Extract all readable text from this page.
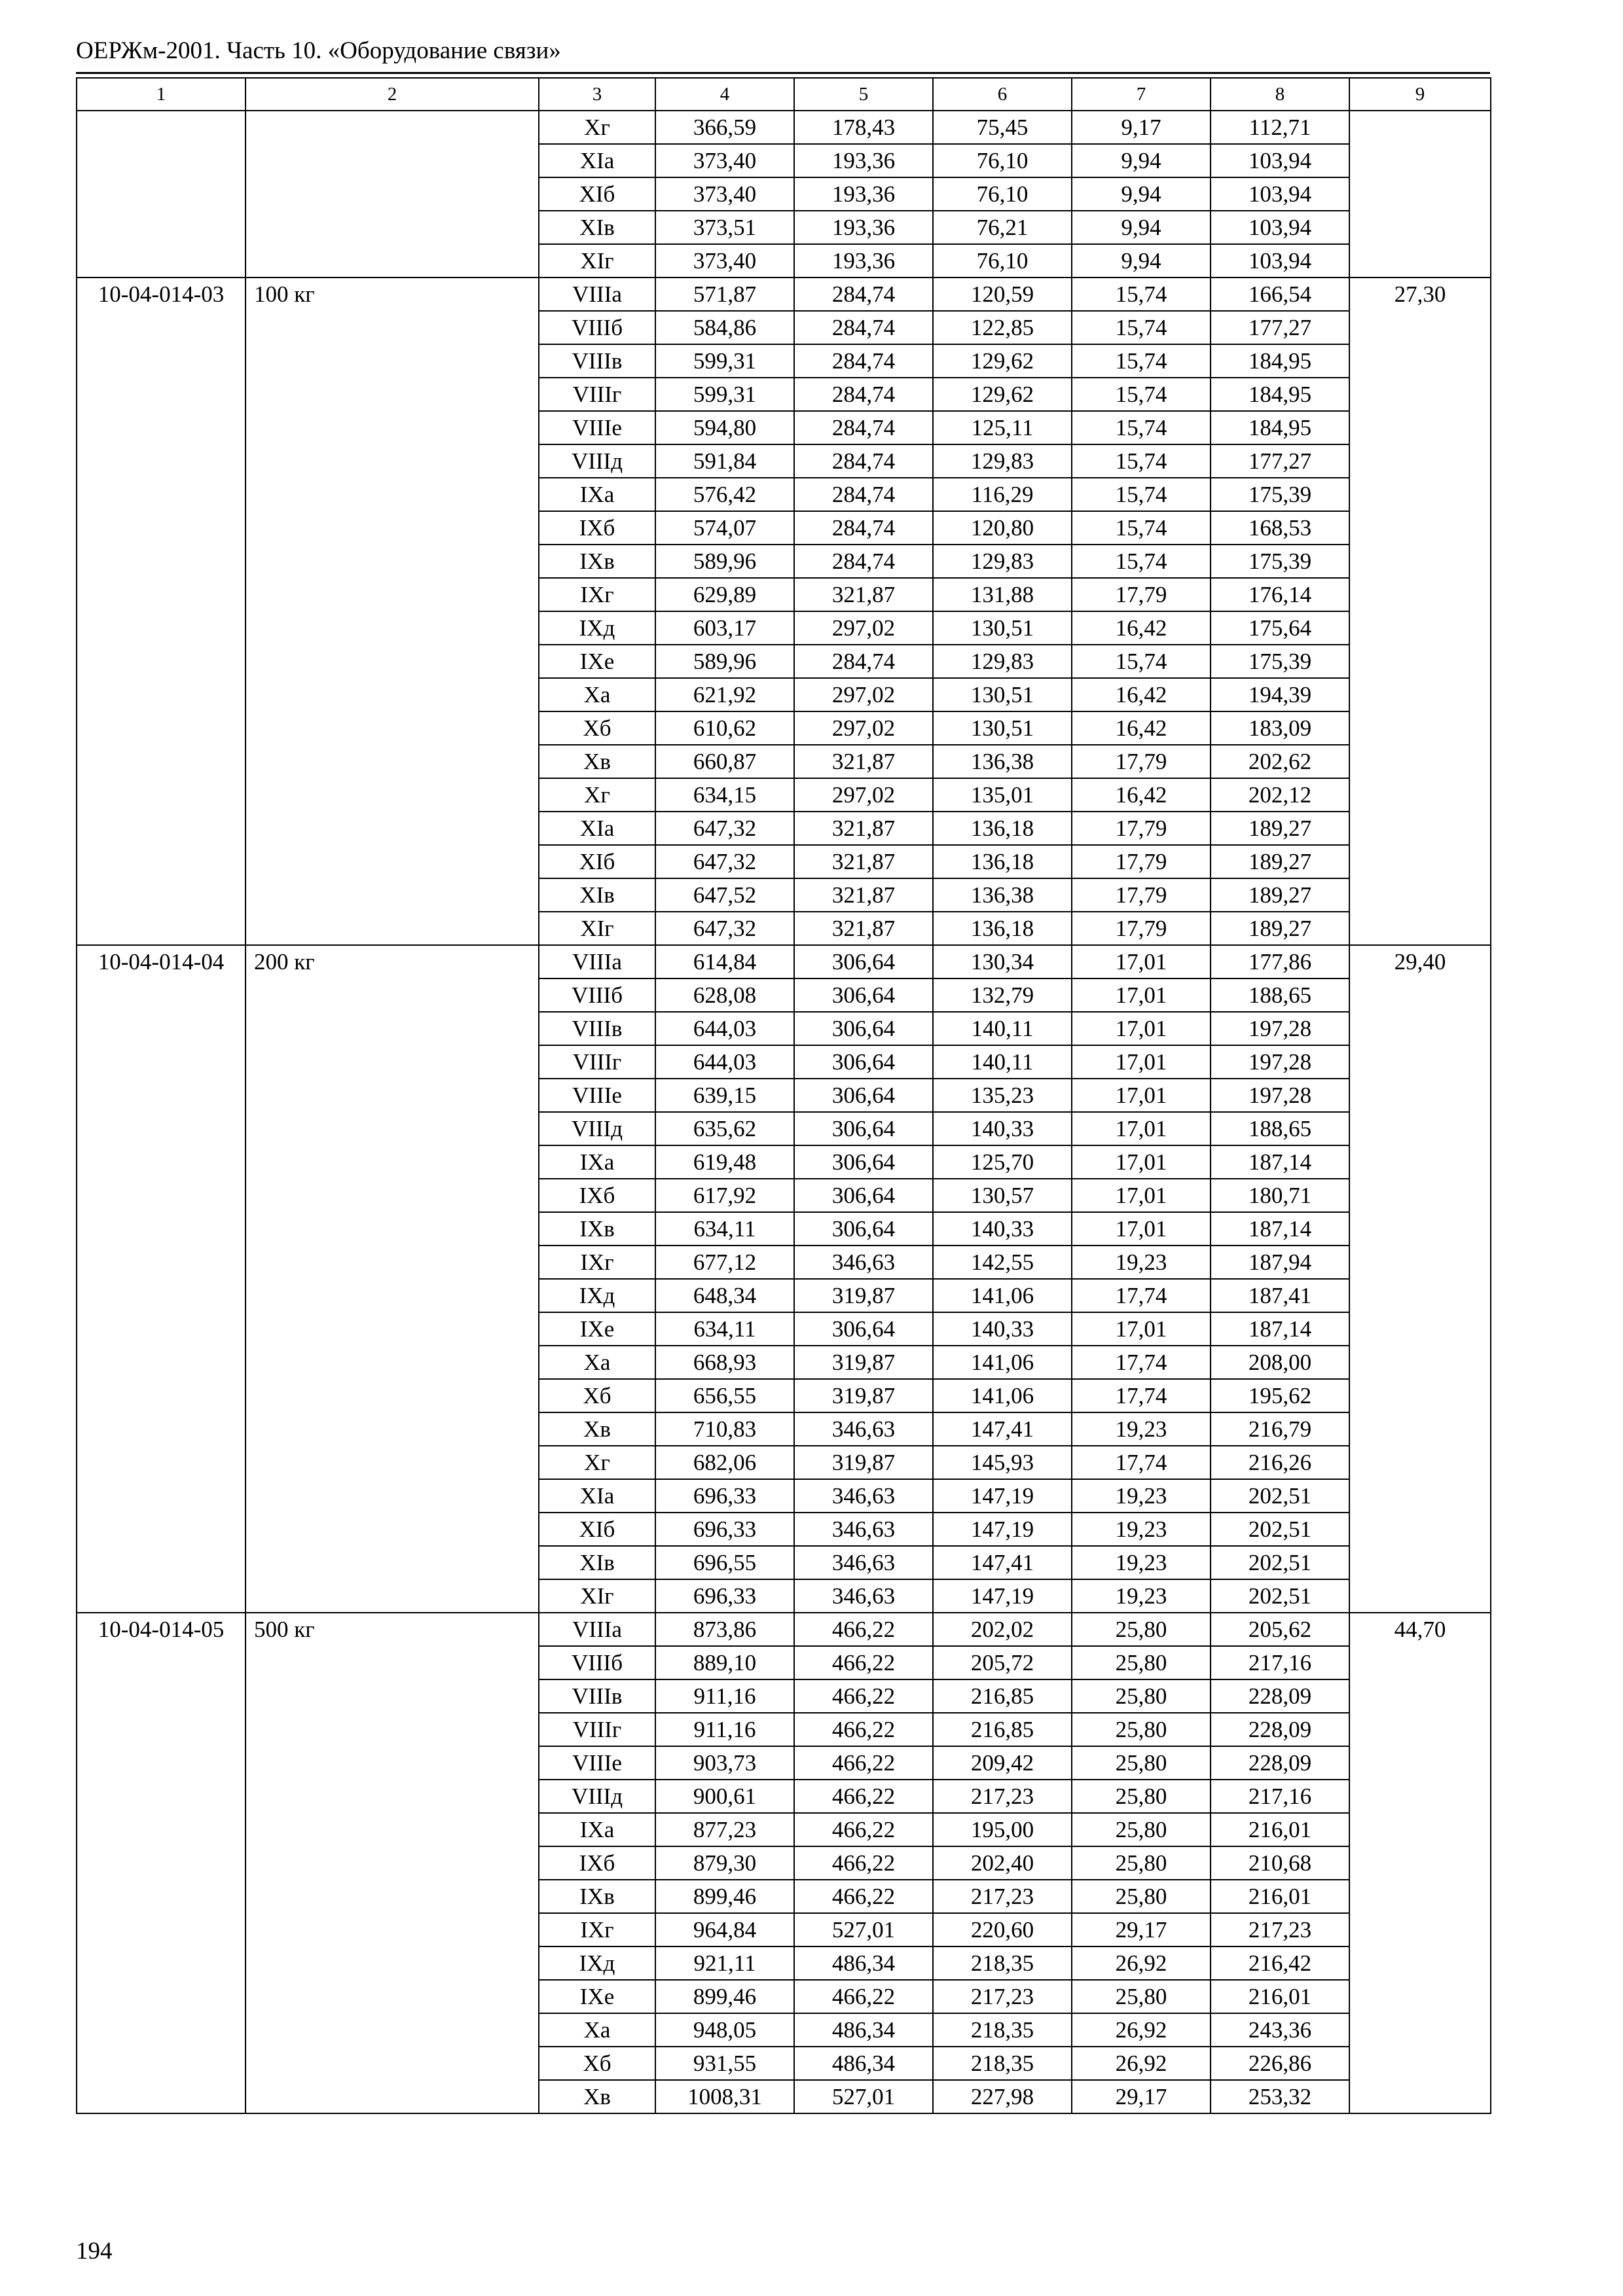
ОЕРЖм-2001. Часть 10. «Оборудование связи»
1	2	3	4	5	6	7	8	9
		Xг	366,59	178,43	75,45	9,17	112,71	
		XIa	373,40	193,36	76,10	9,94	103,94	
		XIб	373,40	193,36	76,10	9,94	103,94	
		XIв	373,51	193,36	76,21	9,94	103,94	
		XIг	373,40	193,36	76,10	9,94	103,94	
10-04-014-03	100 кг	VIIIa	571,87	284,74	120,59	15,74	166,54	27,30
		VIIIб	584,86	284,74	122,85	15,74	177,27	
		VIIIв	599,31	284,74	129,62	15,74	184,95	
		VIIIг	599,31	284,74	129,62	15,74	184,95	
		VIIIe	594,80	284,74	125,11	15,74	184,95	
		VIIIд	591,84	284,74	129,83	15,74	177,27	
		IXa	576,42	284,74	116,29	15,74	175,39	
		IXб	574,07	284,74	120,80	15,74	168,53	
		IXв	589,96	284,74	129,83	15,74	175,39	
		IXг	629,89	321,87	131,88	17,79	176,14	
		IXд	603,17	297,02	130,51	16,42	175,64	
		IXe	589,96	284,74	129,83	15,74	175,39	
		Xa	621,92	297,02	130,51	16,42	194,39	
		Xб	610,62	297,02	130,51	16,42	183,09	
		Xв	660,87	321,87	136,38	17,79	202,62	
		Xг	634,15	297,02	135,01	16,42	202,12	
		XIa	647,32	321,87	136,18	17,79	189,27	
		XIб	647,32	321,87	136,18	17,79	189,27	
		XIв	647,52	321,87	136,38	17,79	189,27	
		XIг	647,32	321,87	136,18	17,79	189,27	
10-04-014-04	200 кг	VIIIa	614,84	306,64	130,34	17,01	177,86	29,40
		VIIIб	628,08	306,64	132,79	17,01	188,65	
		VIIIв	644,03	306,64	140,11	17,01	197,28	
		VIIIг	644,03	306,64	140,11	17,01	197,28	
		VIIIe	639,15	306,64	135,23	17,01	197,28	
		VIIIд	635,62	306,64	140,33	17,01	188,65	
		IXa	619,48	306,64	125,70	17,01	187,14	
		IXб	617,92	306,64	130,57	17,01	180,71	
		IXв	634,11	306,64	140,33	17,01	187,14	
		IXг	677,12	346,63	142,55	19,23	187,94	
		IXд	648,34	319,87	141,06	17,74	187,41	
		IXe	634,11	306,64	140,33	17,01	187,14	
		Xa	668,93	319,87	141,06	17,74	208,00	
		Xб	656,55	319,87	141,06	17,74	195,62	
		Xв	710,83	346,63	147,41	19,23	216,79	
		Xг	682,06	319,87	145,93	17,74	216,26	
		XIa	696,33	346,63	147,19	19,23	202,51	
		XIб	696,33	346,63	147,19	19,23	202,51	
		XIв	696,55	346,63	147,41	19,23	202,51	
		XIг	696,33	346,63	147,19	19,23	202,51	
10-04-014-05	500 кг	VIIIa	873,86	466,22	202,02	25,80	205,62	44,70
		VIIIб	889,10	466,22	205,72	25,80	217,16	
		VIIIв	911,16	466,22	216,85	25,80	228,09	
		VIIIг	911,16	466,22	216,85	25,80	228,09	
		VIIIe	903,73	466,22	209,42	25,80	228,09	
		VIIIд	900,61	466,22	217,23	25,80	217,16	
		IXa	877,23	466,22	195,00	25,80	216,01	
		IXб	879,30	466,22	202,40	25,80	210,68	
		IXв	899,46	466,22	217,23	25,80	216,01	
		IXг	964,84	527,01	220,60	29,17	217,23	
		IXд	921,11	486,34	218,35	26,92	216,42	
		IXe	899,46	466,22	217,23	25,80	216,01	
		Xa	948,05	486,34	218,35	26,92	243,36	
		Xб	931,55	486,34	218,35	26,92	226,86	
		Xв	1008,31	527,01	227,98	29,17	253,32	
194
